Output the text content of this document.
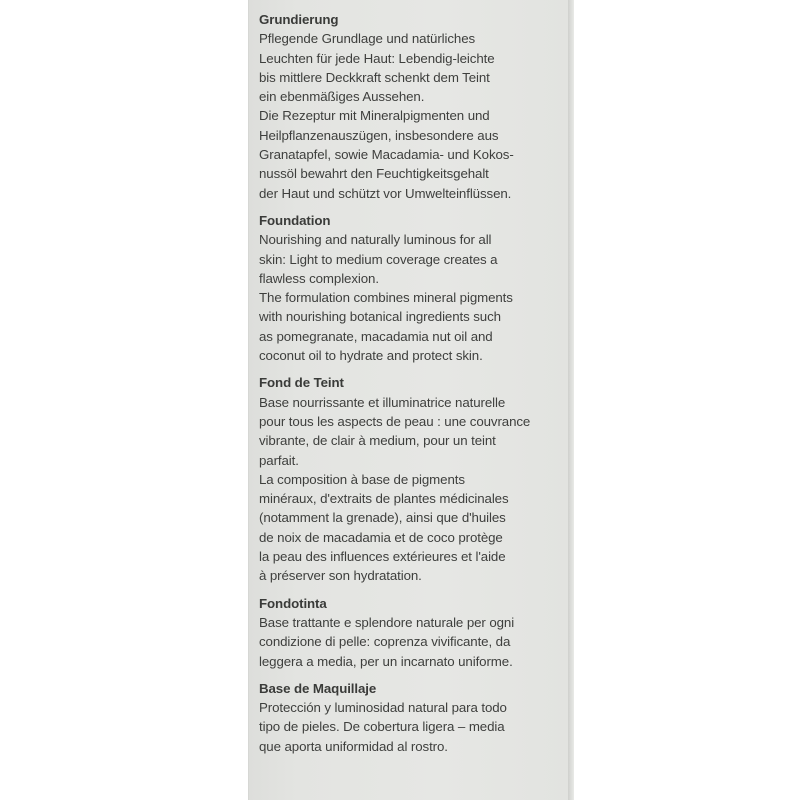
Grundierung
Pflegende Grundlage und natürliches
Leuchten für jede Haut: Lebendig-leichte
bis mittlere Deckkraft schenkt dem Teint
ein ebenmäßiges Aussehen.
Die Rezeptur mit Mineralpigmenten und
Heilpflanzenauszügen, insbesondere aus
Granatapfel, sowie Macadamia- und Kokos-
nussöl bewahrt den Feuchtigkeitsgehalt
der Haut und schützt vor Umwelteinflüssen.
Foundation
Nourishing and naturally luminous for all
skin: Light to medium coverage creates a
flawless complexion.
The formulation combines mineral pigments
with nourishing botanical ingredients such
as pomegranate, macadamia nut oil and
coconut oil to hydrate and protect skin.
Fond de Teint
Base nourrissante et illuminatrice naturelle
pour tous les aspects de peau : une couvrance
vibrante, de clair à medium, pour un teint
parfait.
La composition à base de pigments
minéraux, d'extraits de plantes médicinales
(notamment la grenade), ainsi que d'huiles
de noix de macadamia et de coco protège
la peau des influences extérieures et l'aide
à préserver son hydratation.
Fondotinta
Base trattante e splendore naturale per ogni
condizione di pelle: coprenza vivificante, da
leggera a media, per un incarnato uniforme.
Base de Maquillaje
Protección y luminosidad natural para todo
tipo de pieles. De cobertura ligera – media
que aporta uniformidad al rostro.
